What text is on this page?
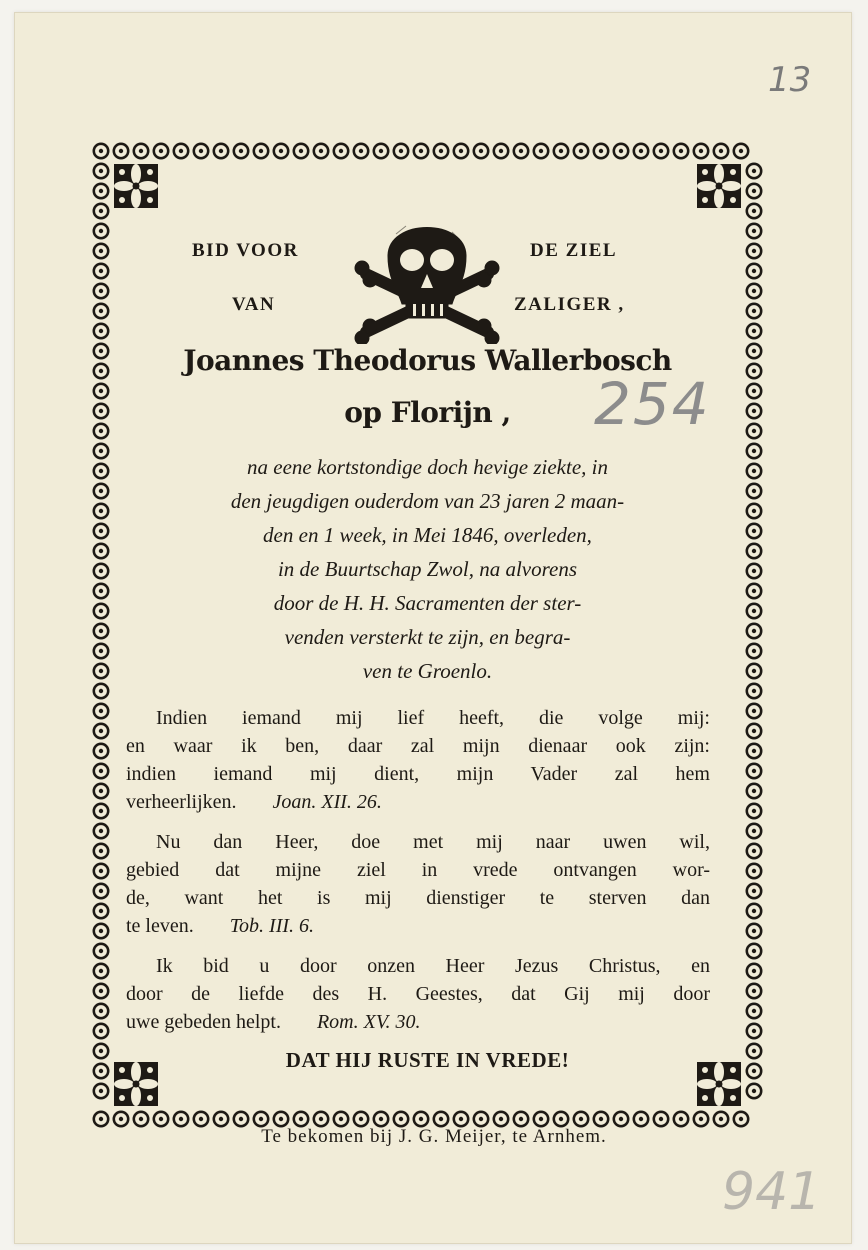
13
BID VOOR	DE ZIEL
VAN	ZALIGER ,
Joannes Theodorus Wallerbosch
op Florijn ,	254
na eene kortstondige doch hevige ziekte, in
den jeugdigen ouderdom van 23 jaren 2 maan-
den en 1 week, in Mei 1846, overleden,
in de Buurtschap Zwol, na alvorens
door de H. H. Sacramenten der ster-
venden versterkt te zijn, en begra-
ven te Groenlo.
Indien iemand mij lief heeft, die volge mij:
en waar ik ben, daar zal mijn dienaar ook zijn:
indien iemand mij dient, mijn Vader zal hem
verheerlijken. Joan. XII. 26.
Nu dan Heer, doe met mij naar uwen wil,
gebied dat mijne ziel in vrede ontvangen wor-
de, want het is mij dienstiger te sterven dan
te leven. Tob. III. 6.
Ik bid u door onzen Heer Jezus Christus, en
door de liefde des H. Geestes, dat Gij mij door
uwe gebeden helpt. Rom. XV. 30.
DAT HIJ RUSTE IN VREDE!
Te bekomen bij J. G. Meijer, te Arnhem.
941
